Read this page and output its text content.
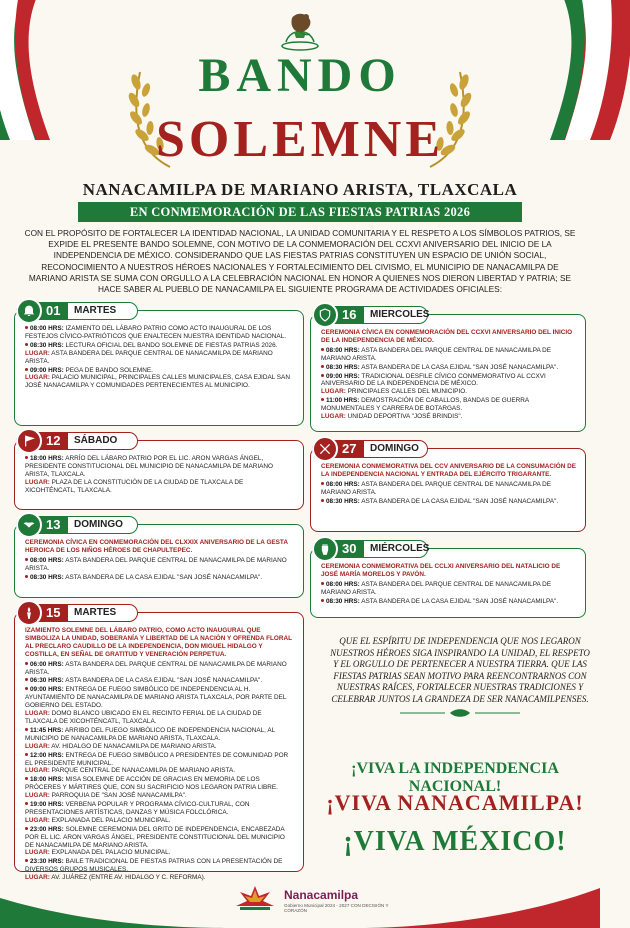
BANDO
SOLEMNE
NANACAMILPA DE MARIANO ARISTA, TLAXCALA
EN CONMEMORACIÓN DE LAS FIESTAS PATRIAS 2026
CON EL PROPÓSITO DE FORTALECER LA IDENTIDAD NACIONAL, LA UNIDAD COMUNITARIA Y EL RESPETO A LOS SÍMBOLOS PATRIOS, SE EXPIDE EL PRESENTE BANDO SOLEMNE, CON MOTIVO DE LA CONMEMORACIÓN DEL CCXVI ANIVERSARIO DEL INICIO DE LA INDEPENDENCIA DE MÉXICO. CONSIDERANDO QUE LAS FIESTAS PATRIAS CONSTITUYEN UN ESPACIO DE UNIÓN SOCIAL, RECONOCIMIENTO A NUESTROS HÉROES NACIONALES Y FORTALECIMIENTO DEL CIVISMO, EL MUNICIPIO DE NANACAMILPA DE MARIANO ARISTA SE SUMA CON ORGULLO A LA CELEBRACIÓN NACIONAL EN HONOR A QUIENES NOS DIERON LIBERTAD Y PATRIA; SE HACE SABER AL PUEBLO DE NANACAMILPA EL SIGUIENTE PROGRAMA DE ACTIVIDADES OFICIALES:
08:00 HRS: IZAMIENTO DEL LÁBARO PATRIO COMO ACTO INAUGURAL DE LOS FESTEJOS CÍVICO-PATRIÓTICOS QUE ENALTECEN NUESTRA IDENTIDAD NACIONAL.
08:30 HRS: LECTURA OFICIAL DEL BANDO SOLEMNE DE FIESTAS PATRIAS 2026.
LUGAR: ASTA BANDERA DEL PARQUE CENTRAL DE NANACAMILPA DE MARIANO ARISTA.
09:00 HRS: PEGA DE BANDO SOLEMNE.
LUGAR: PALACIO MUNICIPAL, PRINCIPALES CALLES MUNICIPALES, CASA EJIDAL SAN JOSÉ NANACAMILPA Y COMUNIDADES PERTENECIENTES AL MUNICIPIO.
01 MARTES
18:00 HRS: ARRÍO DEL LÁBARO PATRIO POR EL LIC. ARON VARGAS ÁNGEL, PRESIDENTE CONSTITUCIONAL DEL MUNICIPIO DE NANACAMILPA DE MARIANO ARISTA, TLAXCALA.
LUGAR: PLAZA DE LA CONSTITUCIÓN DE LA CIUDAD DE TLAXCALA DE XICOHTÉNCATL, TLAXCALA.
12 SÁBADO
CEREMONIA CÍVICA EN CONMEMORACIÓN DEL CLXXIX ANIVERSARIO DE LA GESTA HEROICA DE LOS NIÑOS HÉROES DE CHAPULTEPEC.
08:00 HRS: ASTA BANDERA DEL PARQUE CENTRAL DE NANACAMILPA DE MARIANO ARISTA.
08:30 HRS: ASTA BANDERA DE LA CASA EJIDAL "SAN JOSÉ NANACAMILPA".
13 DOMINGO
IZAMIENTO SOLEMNE DEL LÁBARO PATRIO, COMO ACTO INAUGURAL QUE SIMBOLIZA LA UNIDAD, SOBERANÍA Y LIBERTAD DE LA NACIÓN Y OFRENDA FLORAL AL PRECLARO CAUDILLO DE LA INDEPENDENCIA, DON MIGUEL HIDALGO Y COSTILLA, EN SEÑAL DE GRATITUD Y VENERACIÓN PERPETUA.
06:00 HRS: ASTA BANDERA DEL PARQUE CENTRAL DE NANACAMILPA DE MARIANO ARISTA.
06:30 HRS: ASTA BANDERA DE LA CASA EJIDAL "SAN JOSÉ NANACAMILPA".
09:00 HRS: ENTREGA DE FUEGO SIMBÓLICO DE INDEPENDENCIA AL H. AYUNTAMIENTO DE NANACAMILPA DE MARIANO ARISTA TLAXCALA, POR PARTE DEL GOBIERNO DEL ESTADO.
LUGAR: DOMO BLANCO UBICADO EN EL RECINTO FERIAL DE LA CIUDAD DE TLAXCALA DE XICOHTÉNCATL, TLAXCALA.
11:45 HRS: ARRIBO DEL FUEGO SIMBÓLICO DE INDEPENDENCIA NACIONAL, AL MUNICIPIO DE NANACAMILPA DE MARIANO ARISTA, TLAXCALA.
LUGAR: AV. HIDALGO DE NANACAMILPA DE MARIANO ARISTA.
12:00 HRS: ENTREGA DE FUEGO SIMBÓLICO A PRESIDENTES DE COMUNIDAD POR EL PRESIDENTE MUNICIPAL.
LUGAR: PARQUE CENTRAL DE NANACAMILPA DE MARIANO ARISTA.
18:00 HRS: MISA SOLEMNE DE ACCIÓN DE GRACIAS EN MEMORIA DE LOS PRÓCERES Y MÁRTIRES QUE, CON SU SACRIFICIO NOS LEGARON PATRIA LIBRE.
LUGAR: PARROQUIA DE "SAN JOSÉ NANACAMILPA".
19:00 HRS: VERBENA POPULAR Y PROGRAMA CÍVICO-CULTURAL, CON PRESENTACIONES ARTÍSTICAS, DANZAS Y MÚSICA FOLCLÓRICA.
LUGAR: EXPLANADA DEL PALACIO MUNICIPAL.
23:00 HRS: SOLEMNE CEREMONIA DEL GRITO DE INDEPENDENCIA, ENCABEZADA POR EL LIC. ARON VARGAS ÁNGEL, PRESIDENTE CONSTITUCIONAL DEL MUNICIPIO DE NANACAMILPA DE MARIANO ARISTA.
LUGAR: EXPLANADA DEL PALACIO MUNICIPAL.
23:30 HRS: BAILE TRADICIONAL DE FIESTAS PATRIAS CON LA PRESENTACIÓN DE DIVERSOS GRUPOS MUSICALES.
LUGAR: AV. JUÁREZ (ENTRE AV. HIDALGO Y C. REFORMA).
15 MARTES
CEREMONIA CÍVICA EN CONMEMORACIÓN DEL CCXVI ANIVERSARIO DEL INICIO DE LA INDEPENDENCIA DE MÉXICO.
08:00 HRS: ASTA BANDERA DEL PARQUE CENTRAL DE NANACAMILPA DE MARIANO ARISTA.
08:30 HRS: ASTA BANDERA DE LA CASA EJIDAL "SAN JOSÉ NANACAMILPA".
09:00 HRS: TRADICIONAL DESFILE CÍVICO CONMEMORATIVO AL CCXVI ANIVERSARIO DE LA INDEPENDENCIA DE MÉXICO.
LUGAR: PRINCIPALES CALLES DEL MUNICIPIO.
11:00 HRS: DEMOSTRACIÓN DE CABALLOS, BANDAS DE GUERRA MONUMENTALES Y CARRERA DE BOTARGAS.
LUGAR: UNIDAD DEPORTIVA "JOSÉ BRINDIS".
16 MIERCOLES
CEREMONIA CONMEMORATIVA DEL CCV ANIVERSARIO DE LA CONSUMACIÓN DE LA INDEPENDENCIA NACIONAL Y ENTRADA DEL EJÉRCITO TRIGARANTE.
08:00 HRS: ASTA BANDERA DEL PARQUE CENTRAL DE NANACAMILPA DE MARIANO ARISTA.
08:30 HRS: ASTA BANDERA DE LA CASA EJIDAL "SAN JOSÉ NANACAMILPA".
27 DOMINGO
CEREMONIA CONMEMORATIVA DEL CCLXI ANIVERSARIO DEL NATALICIO DE JOSÉ MARÍA MORELOS Y PAVÓN.
08:00 HRS: ASTA BANDERA DEL PARQUE CENTRAL DE NANACAMILPA DE MARIANO ARISTA.
08:30 HRS: ASTA BANDERA DE LA CASA EJIDAL "SAN JOSÉ NANACAMILPA".
30 MIÉRCOLES
QUE EL ESPÍRITU DE INDEPENDENCIA QUE NOS LEGARON NUESTROS HÉROES SIGA INSPIRANDO LA UNIDAD, EL RESPETO Y EL ORGULLO DE PERTENECER A NUESTRA TIERRA. QUE LAS FIESTAS PATRIAS SEAN MOTIVO PARA REENCONTRARNOS CON NUESTRAS RAÍCES, FORTALECER NUESTRAS TRADICIONES Y CELEBRAR JUNTOS LA GRANDEZA DE SER NANACAMILPENSES.
¡VIVA LA INDEPENDENCIA NACIONAL!
¡VIVA NANACAMILPA!
¡VIVA MÉXICO!
Nanacamilpa
Gobierno Municipal 2024 - 2027 CON DECISIÓN Y CORAZÓN
